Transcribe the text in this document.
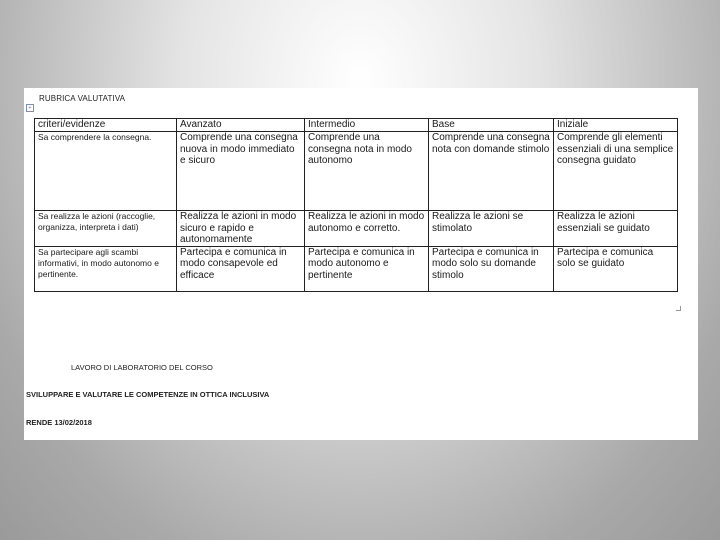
RUBRICA VALUTATIVA
+
criteri/evidenze	Avanzato	Intermedio	Base	Iniziale
Sa comprendere la consegna.	Comprende una consegna nuova in modo immediato e sicuro	Comprende una consegna nota in modo autonomo	Comprende una consegna nota con domande stimolo	Comprende gli elementi essenziali di una semplice consegna guidato
Sa realizza le azioni (raccoglie, organizza, interpreta i dati)	Realizza le azioni in modo sicuro e rapido e autonomamente	Realizza le azioni in modo autonomo e corretto.	Realizza le azioni se stimolato	Realizza le azioni essenziali se guidato
Sa partecipare agli scambi informativi, in modo autonomo e pertinente.	Partecipa e comunica in modo consapevole ed efficace	Partecipa e comunica in modo autonomo e pertinente	Partecipa e comunica in modo solo su domande stimolo	Partecipa e comunica solo se guidato
LAVORO DI LABORATORIO DEL CORSO
SVILUPPARE E VALUTARE LE COMPETENZE IN OTTICA INCLUSIVA
RENDE 13/02/2018
